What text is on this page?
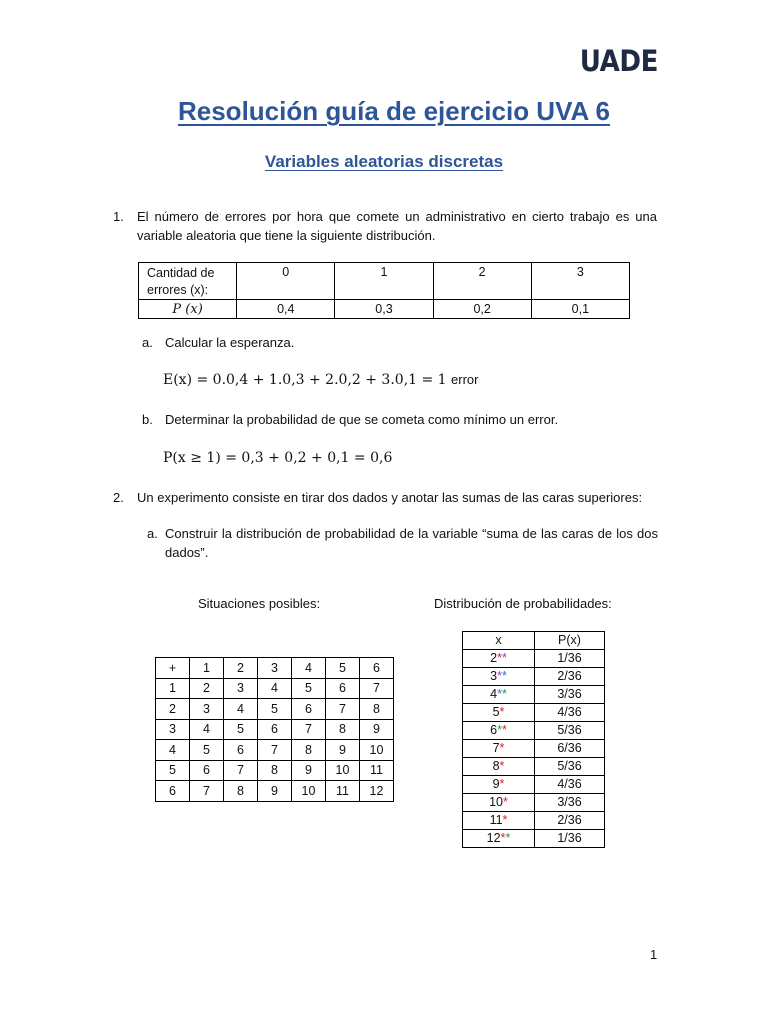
UADE
Resolución guía de ejercicio UVA 6
Variables aleatorias discretas
1. El número de errores por hora que comete un administrativo en cierto trabajo es una variable aleatoria que tiene la siguiente distribución.
Cantidad de
errores (x):	0	1	2	3
P (x)	0,4	0,3	0,2	0,1
a. Calcular la esperanza.
E(x) = 0.0,4 + 1.0,3 + 2.0,2 + 3.0,1 = 1 error
b. Determinar la probabilidad de que se cometa como mínimo un error.
P(x ≥ 1) = 0,3 + 0,2 + 0,1 = 0,6
2. Un experimento consiste en tirar dos dados y anotar las sumas de las caras superiores:
a. Construir la distribución de probabilidad de la variable “suma de las caras de los dos dados”.
Situaciones posibles:	Distribución de probabilidades:
+	1	2	3	4	5	6
1	2	3	4	5	6	7
2	3	4	5	6	7	8
3	4	5	6	7	8	9
4	5	6	7	8	9	10
5	6	7	8	9	10	11
6	7	8	9	10	11	12
x	P(x)
2**	1/36
3**	2/36
4**	3/36
5*	4/36
6**	5/36
7*	6/36
8*	5/36
9*	4/36
10*	3/36
11*	2/36
12**	1/36
1
